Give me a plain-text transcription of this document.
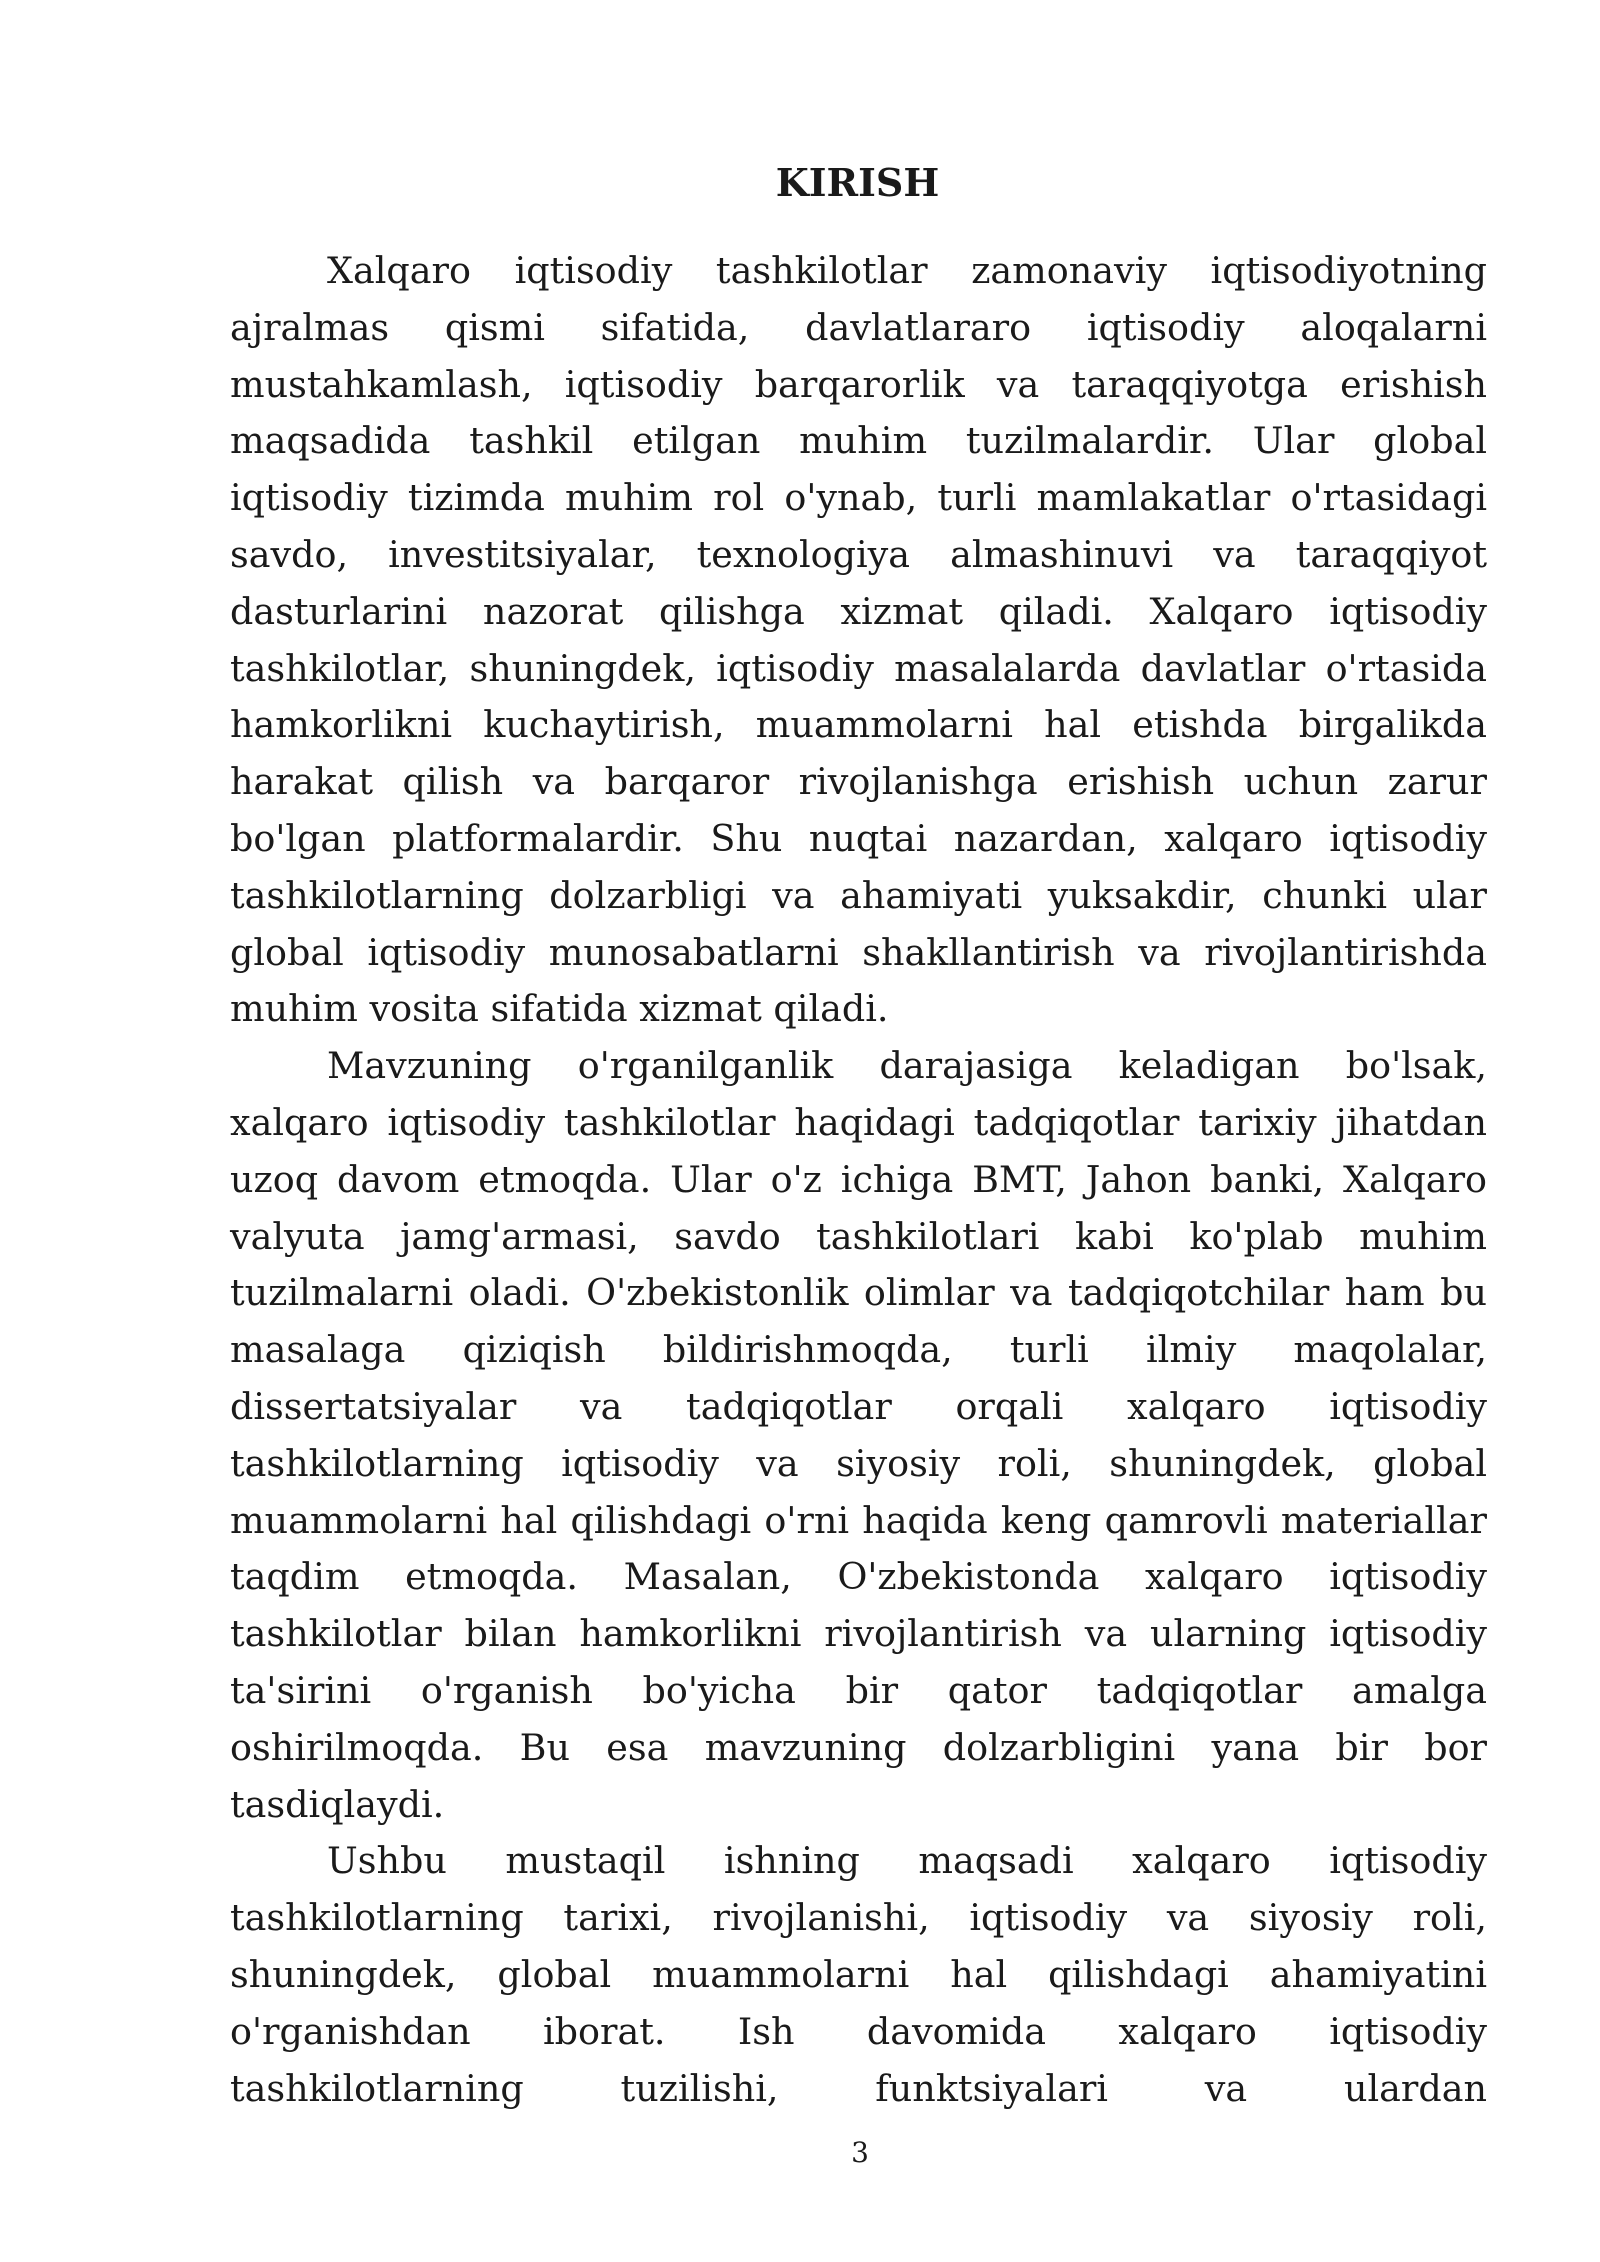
KIRISH

Xalqaro iqtisodiy tashkilotlar zamonaviy iqtisodiyotning ajralmas qismi sifatida, davlatlararo iqtisodiy aloqalarni mustahkamlash, iqtisodiy barqarorlik va taraqqiyotga erishish maqsadida tashkil etilgan muhim tuzilmalardir. Ular global iqtisodiy tizimda muhim rol o'ynab, turli mamlakatlar o'rtasidagi savdo, investitsiyalar, texnologiya almashinuvi va taraqqiyot dasturlarini nazorat qilishga xizmat qiladi. Xalqaro iqtisodiy tashkilotlar, shuningdek, iqtisodiy masalalarda davlatlar o'rtasida hamkorlikni kuchaytirish, muammolarni hal etishda birgalikda harakat qilish va barqaror rivojlanishga erishish uchun zarur bo'lgan platformalardir. Shu nuqtai nazardan, xalqaro iqtisodiy tashkilotlarning dolzarbligi va ahamiyati yuksakdir, chunki ular global iqtisodiy munosabatlarni shakllantirish va rivojlantirishda muhim vosita sifatida xizmat qiladi.

Mavzuning o'rganilganlik darajasiga keladigan bo'lsak, xalqaro iqtisodiy tashkilotlar haqidagi tadqiqotlar tarixiy jihatdan uzoq davom etmoqda. Ular o'z ichiga BMT, Jahon banki, Xalqaro valyuta jamg'armasi, savdo tashkilotlari kabi ko'plab muhim tuzilmalarni oladi. O'zbekistonlik olimlar va tadqiqotchilar ham bu masalaga qiziqish bildirishmoqda, turli ilmiy maqolalar, dissertatsiyalar va tadqiqotlar orqali xalqaro iqtisodiy tashkilotlarning iqtisodiy va siyosiy roli, shuningdek, global muammolarni hal qilishdagi o'rni haqida keng qamrovli materiallar taqdim etmoqda. Masalan, O'zbekistonda xalqaro iqtisodiy tashkilotlar bilan hamkorlikni rivojlantirish va ularning iqtisodiy ta'sirini o'rganish bo'yicha bir qator tadqiqotlar amalga oshirilmoqda. Bu esa mavzuning dolzarbligini yana bir bor tasdiqlaydi.

Ushbu mustaqil ishning maqsadi xalqaro iqtisodiy tashkilotlarning tarixi, rivojlanishi, iqtisodiy va siyosiy roli, shuningdek, global muammolarni hal qilishdagi ahamiyatini o'rganishdan iborat. Ish davomida xalqaro iqtisodiy tashkilotlarning tuzilishi, funktsiyalari va ulardan

3
